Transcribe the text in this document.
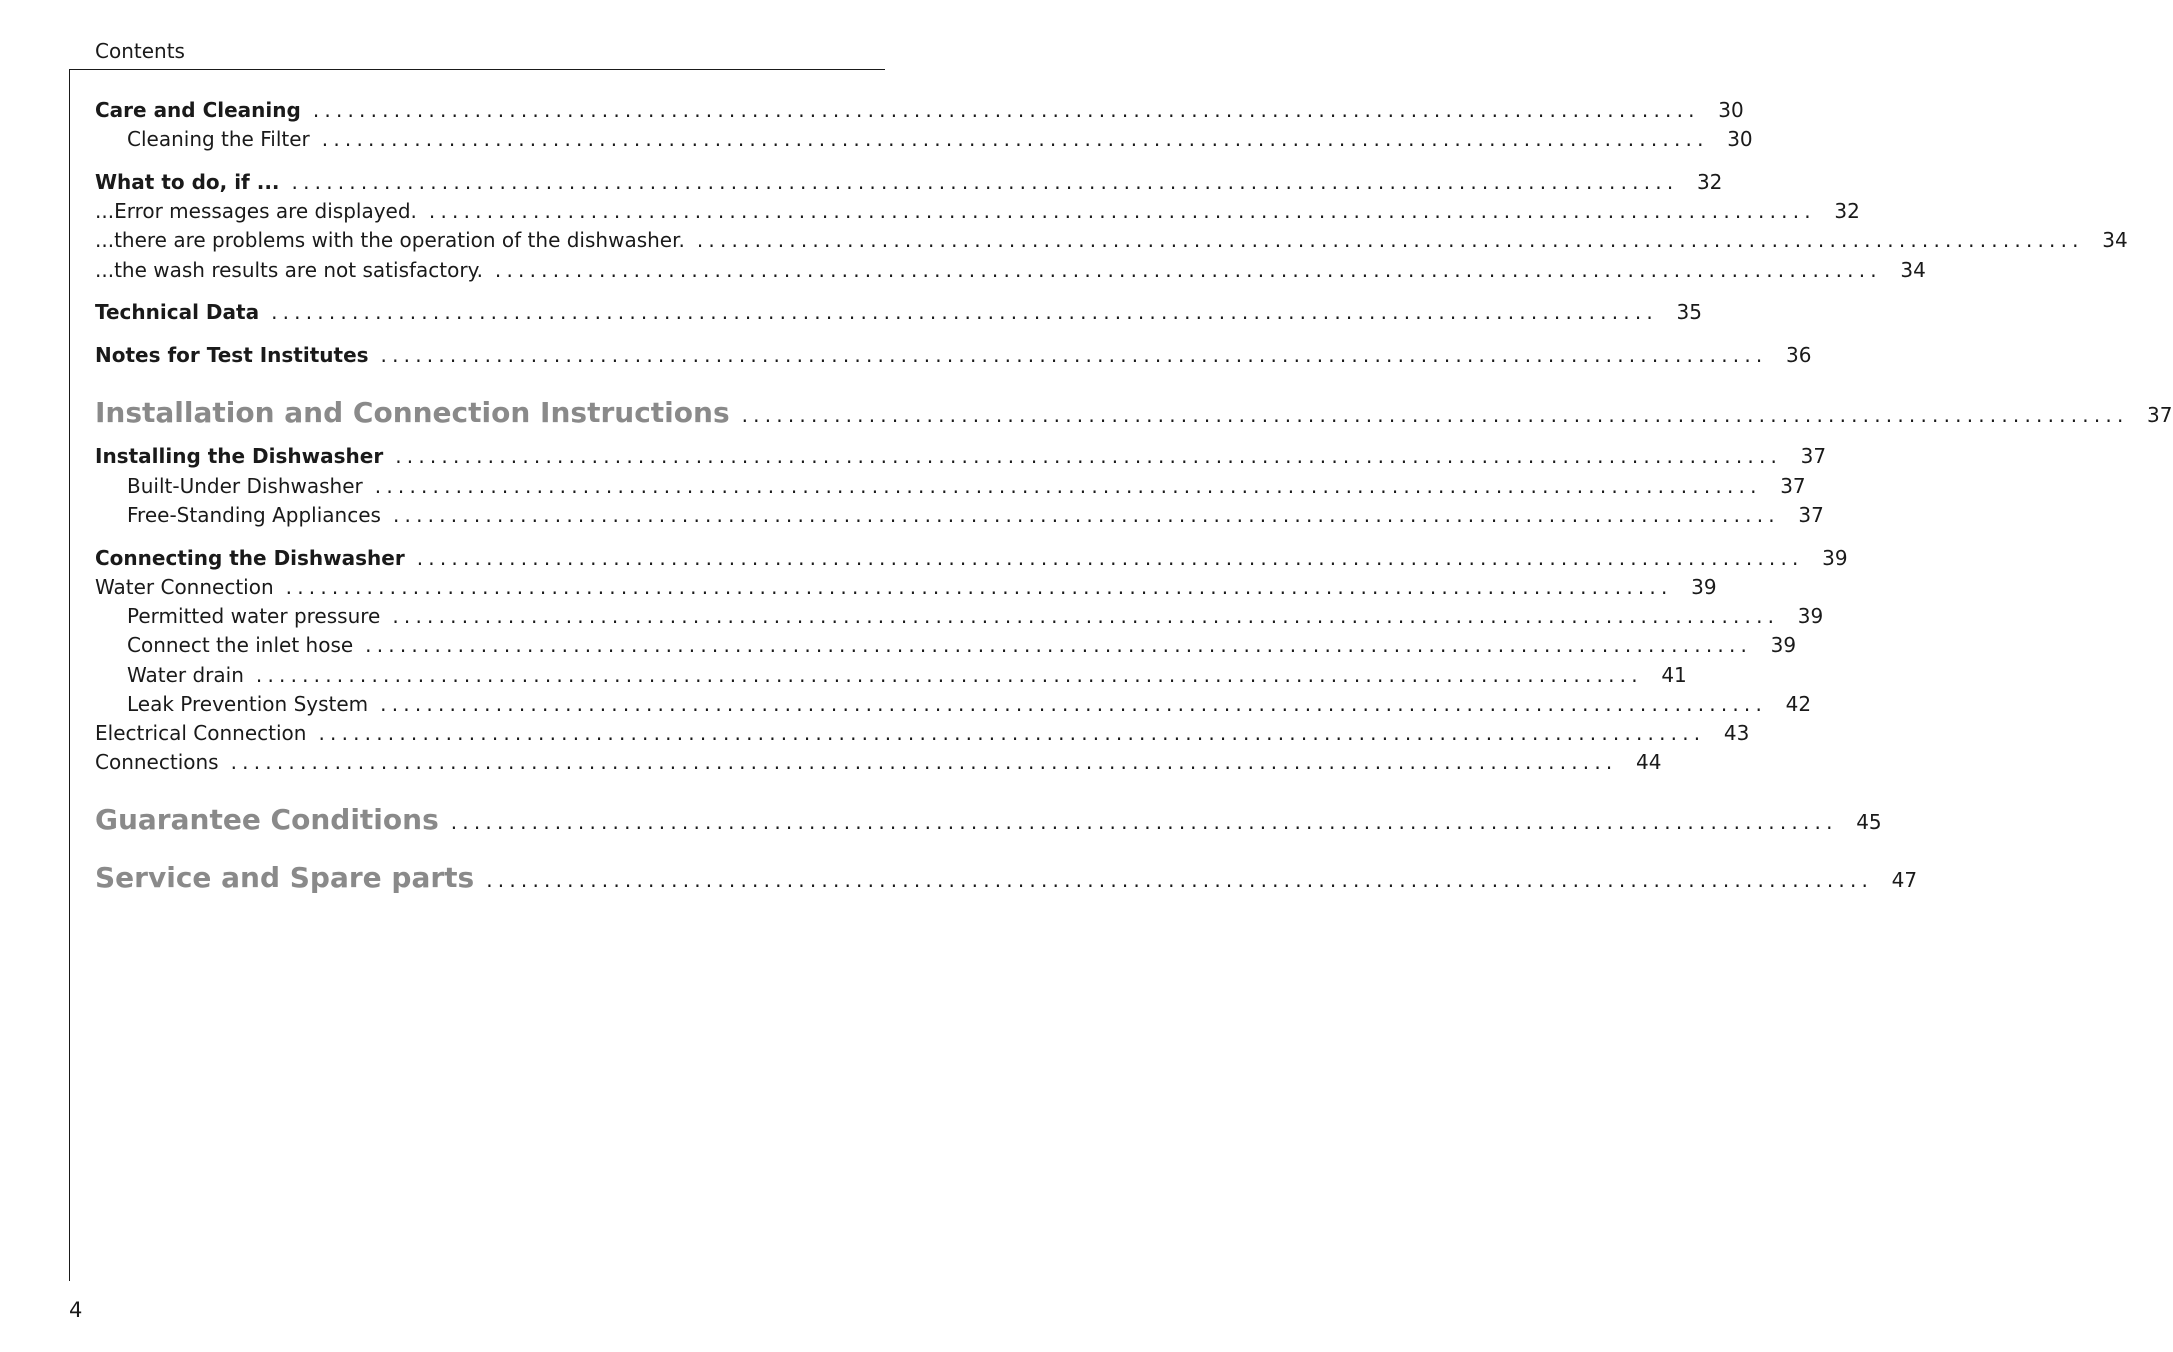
Contents
Care and Cleaning ........................................................................................................................ 30
Cleaning the Filter ........................................................................................................................ 30
What to do, if ... ........................................................................................................................ 32
...Error messages are displayed. ........................................................................................................................ 32
...there are problems with the operation of the dishwasher. ........................................................................................................................ 34
...the wash results are not satisfactory. ........................................................................................................................ 34
Technical Data ........................................................................................................................ 35
Notes for Test Institutes ........................................................................................................................ 36
Installation and Connection Instructions ........................................................................................................................ 37
Installing the Dishwasher ........................................................................................................................ 37
Built-Under Dishwasher ........................................................................................................................ 37
Free-Standing Appliances ........................................................................................................................ 37
Connecting the Dishwasher ........................................................................................................................ 39
Water Connection ........................................................................................................................ 39
Permitted water pressure ........................................................................................................................ 39
Connect the inlet hose ........................................................................................................................ 39
Water drain ........................................................................................................................ 41
Leak Prevention System ........................................................................................................................ 42
Electrical Connection ........................................................................................................................ 43
Connections ........................................................................................................................ 44
Guarantee Conditions ........................................................................................................................ 45
Service and Spare parts ........................................................................................................................ 47
4
